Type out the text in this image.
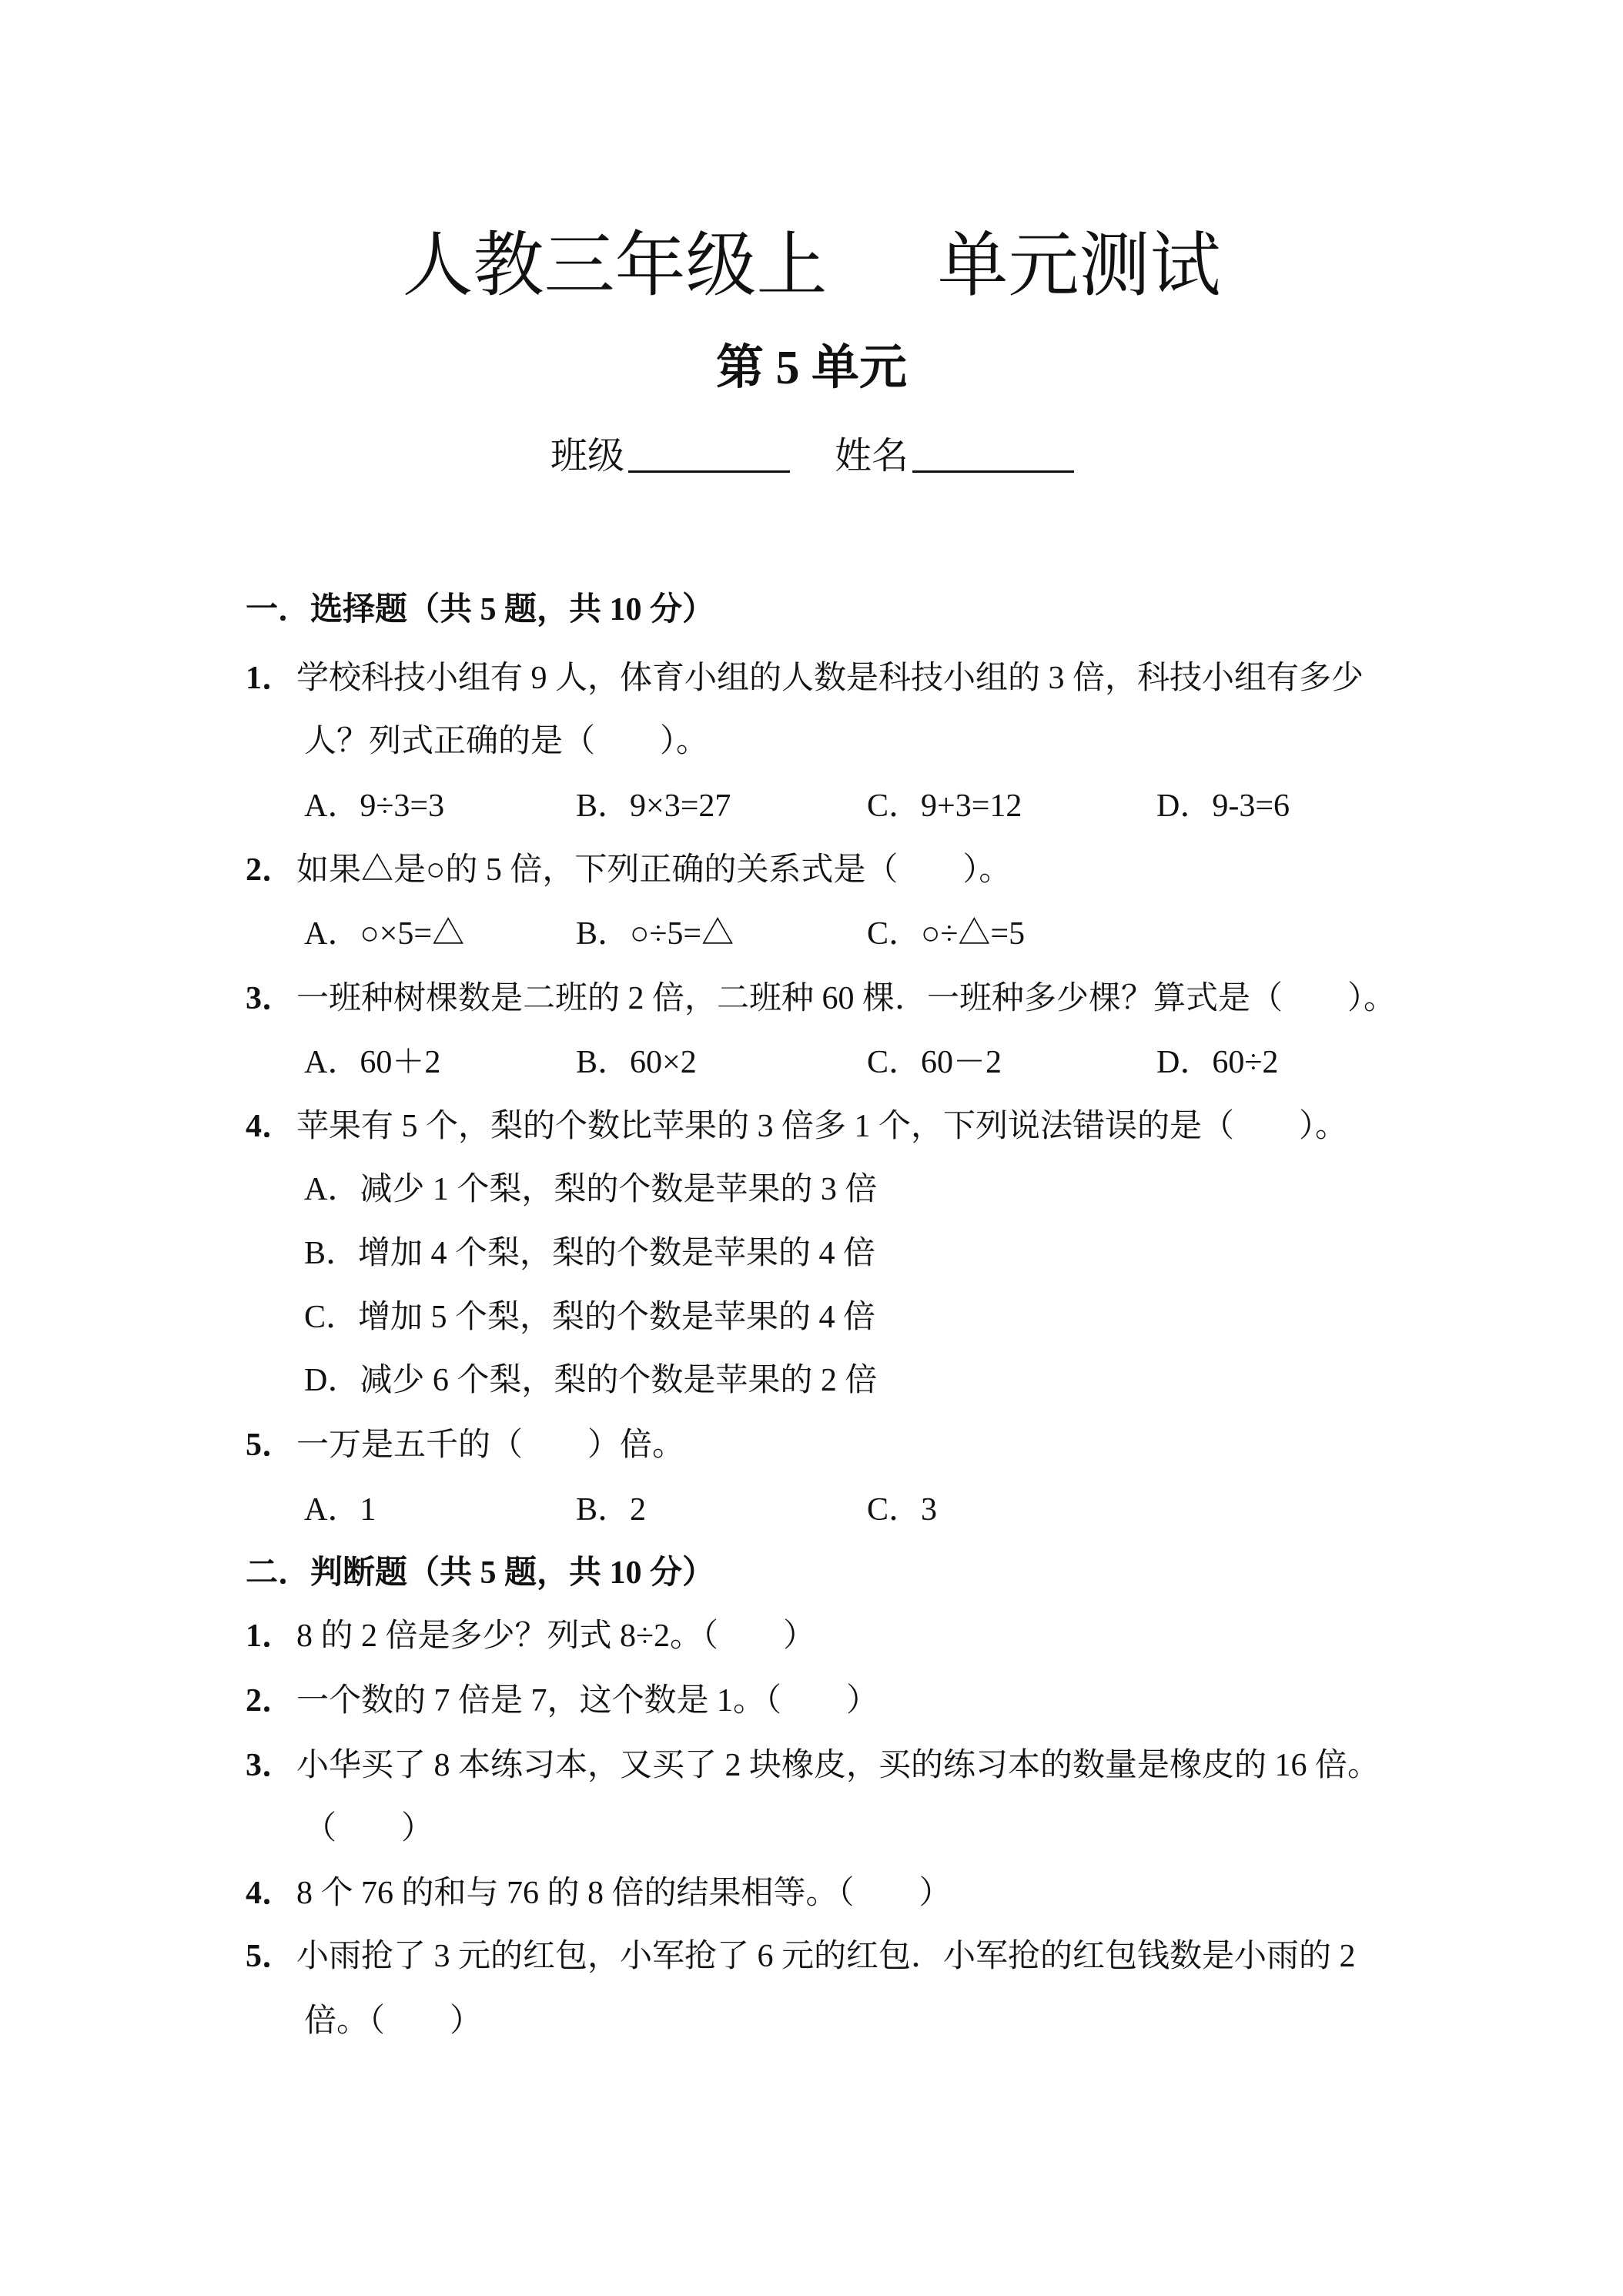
人教三年级上 单元测试
第 5 单元
班级	姓名
一．选择题（共 5 题，共 10 分）
1．学校科技小组有 9 人，体育小组的人数是科技小组的 3 倍，科技小组有多少
人？列式正确的是（　　）。
A．9÷3=3	B．9×3=27	C．9+3=12	D．9-3=6
2．如果△是○的 5 倍，下列正确的关系式是（　　）。
A．○×5=△	B．○÷5=△	C．○÷△=5
3．一班种树棵数是二班的 2 倍，二班种 60 棵．一班种多少棵？算式是（　　）。
A．60＋2	B．60×2	C．60－2	D．60÷2
4．苹果有 5 个，梨的个数比苹果的 3 倍多 1 个，下列说法错误的是（　　）。
A．减少 1 个梨，梨的个数是苹果的 3 倍
B．增加 4 个梨，梨的个数是苹果的 4 倍
C．增加 5 个梨，梨的个数是苹果的 4 倍
D．减少 6 个梨，梨的个数是苹果的 2 倍
5．一万是五千的（　　）倍。
A．1	B．2	C．3
二．判断题（共 5 题，共 10 分）
1．8 的 2 倍是多少？列式 8÷2。（　　）
2．一个数的 7 倍是 7，这个数是 1。（　　）
3．小华买了 8 本练习本，又买了 2 块橡皮，买的练习本的数量是橡皮的 16 倍。
（　　）
4．8 个 76 的和与 76 的 8 倍的结果相等。（　　）
5．小雨抢了 3 元的红包，小军抢了 6 元的红包．小军抢的红包钱数是小雨的 2
倍。（　　）
